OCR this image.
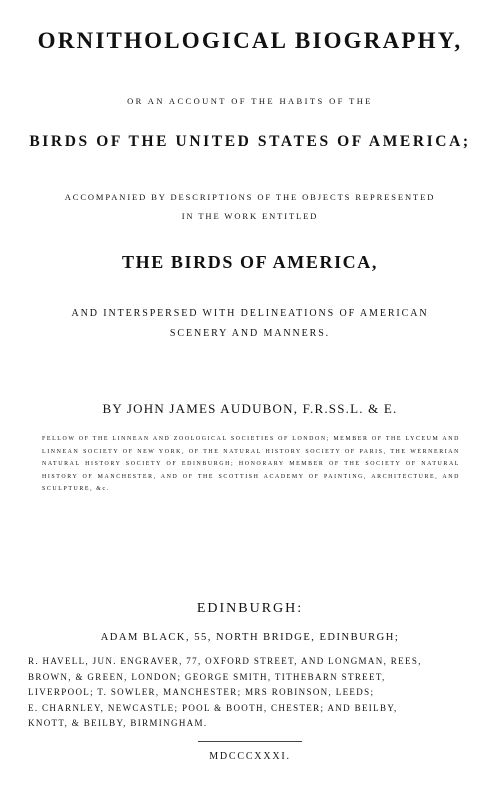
ORNITHOLOGICAL BIOGRAPHY,
OR AN ACCOUNT OF THE HABITS OF THE
BIRDS OF THE UNITED STATES OF AMERICA;
ACCOMPANIED BY DESCRIPTIONS OF THE OBJECTS REPRESENTED
IN THE WORK ENTITLED
THE BIRDS OF AMERICA,
AND INTERSPERSED WITH DELINEATIONS OF AMERICAN
SCENERY AND MANNERS.
BY JOHN JAMES AUDUBON, F.R.SS.L. & E.
FELLOW OF THE LINNEAN AND ZOOLOGICAL SOCIETIES OF LONDON; MEMBER OF THE LYCEUM AND LINNEAN SOCIETY OF NEW YORK, OF THE NATURAL HISTORY SOCIETY OF PARIS, THE WERNERIAN NATURAL HISTORY SOCIETY OF EDINBURGH; HONORARY MEMBER OF THE SOCIETY OF NATURAL HISTORY OF MANCHESTER, AND OF THE SCOTTISH ACADEMY OF PAINTING, ARCHITECTURE, AND SCULPTURE, &c.
EDINBURGH:
ADAM BLACK, 55, NORTH BRIDGE, EDINBURGH;
R. HAVELL, JUN. ENGRAVER, 77, OXFORD STREET, AND LONGMAN, REES,
BROWN, & GREEN, LONDON; GEORGE SMITH, TITHEBARN STREET,
LIVERPOOL; T. SOWLER, MANCHESTER; MRS ROBINSON, LEEDS;
E. CHARNLEY, NEWCASTLE; POOL & BOOTH, CHESTER; AND BEILBY,
KNOTT, & BEILBY, BIRMINGHAM.
MDCCCXXXI.
